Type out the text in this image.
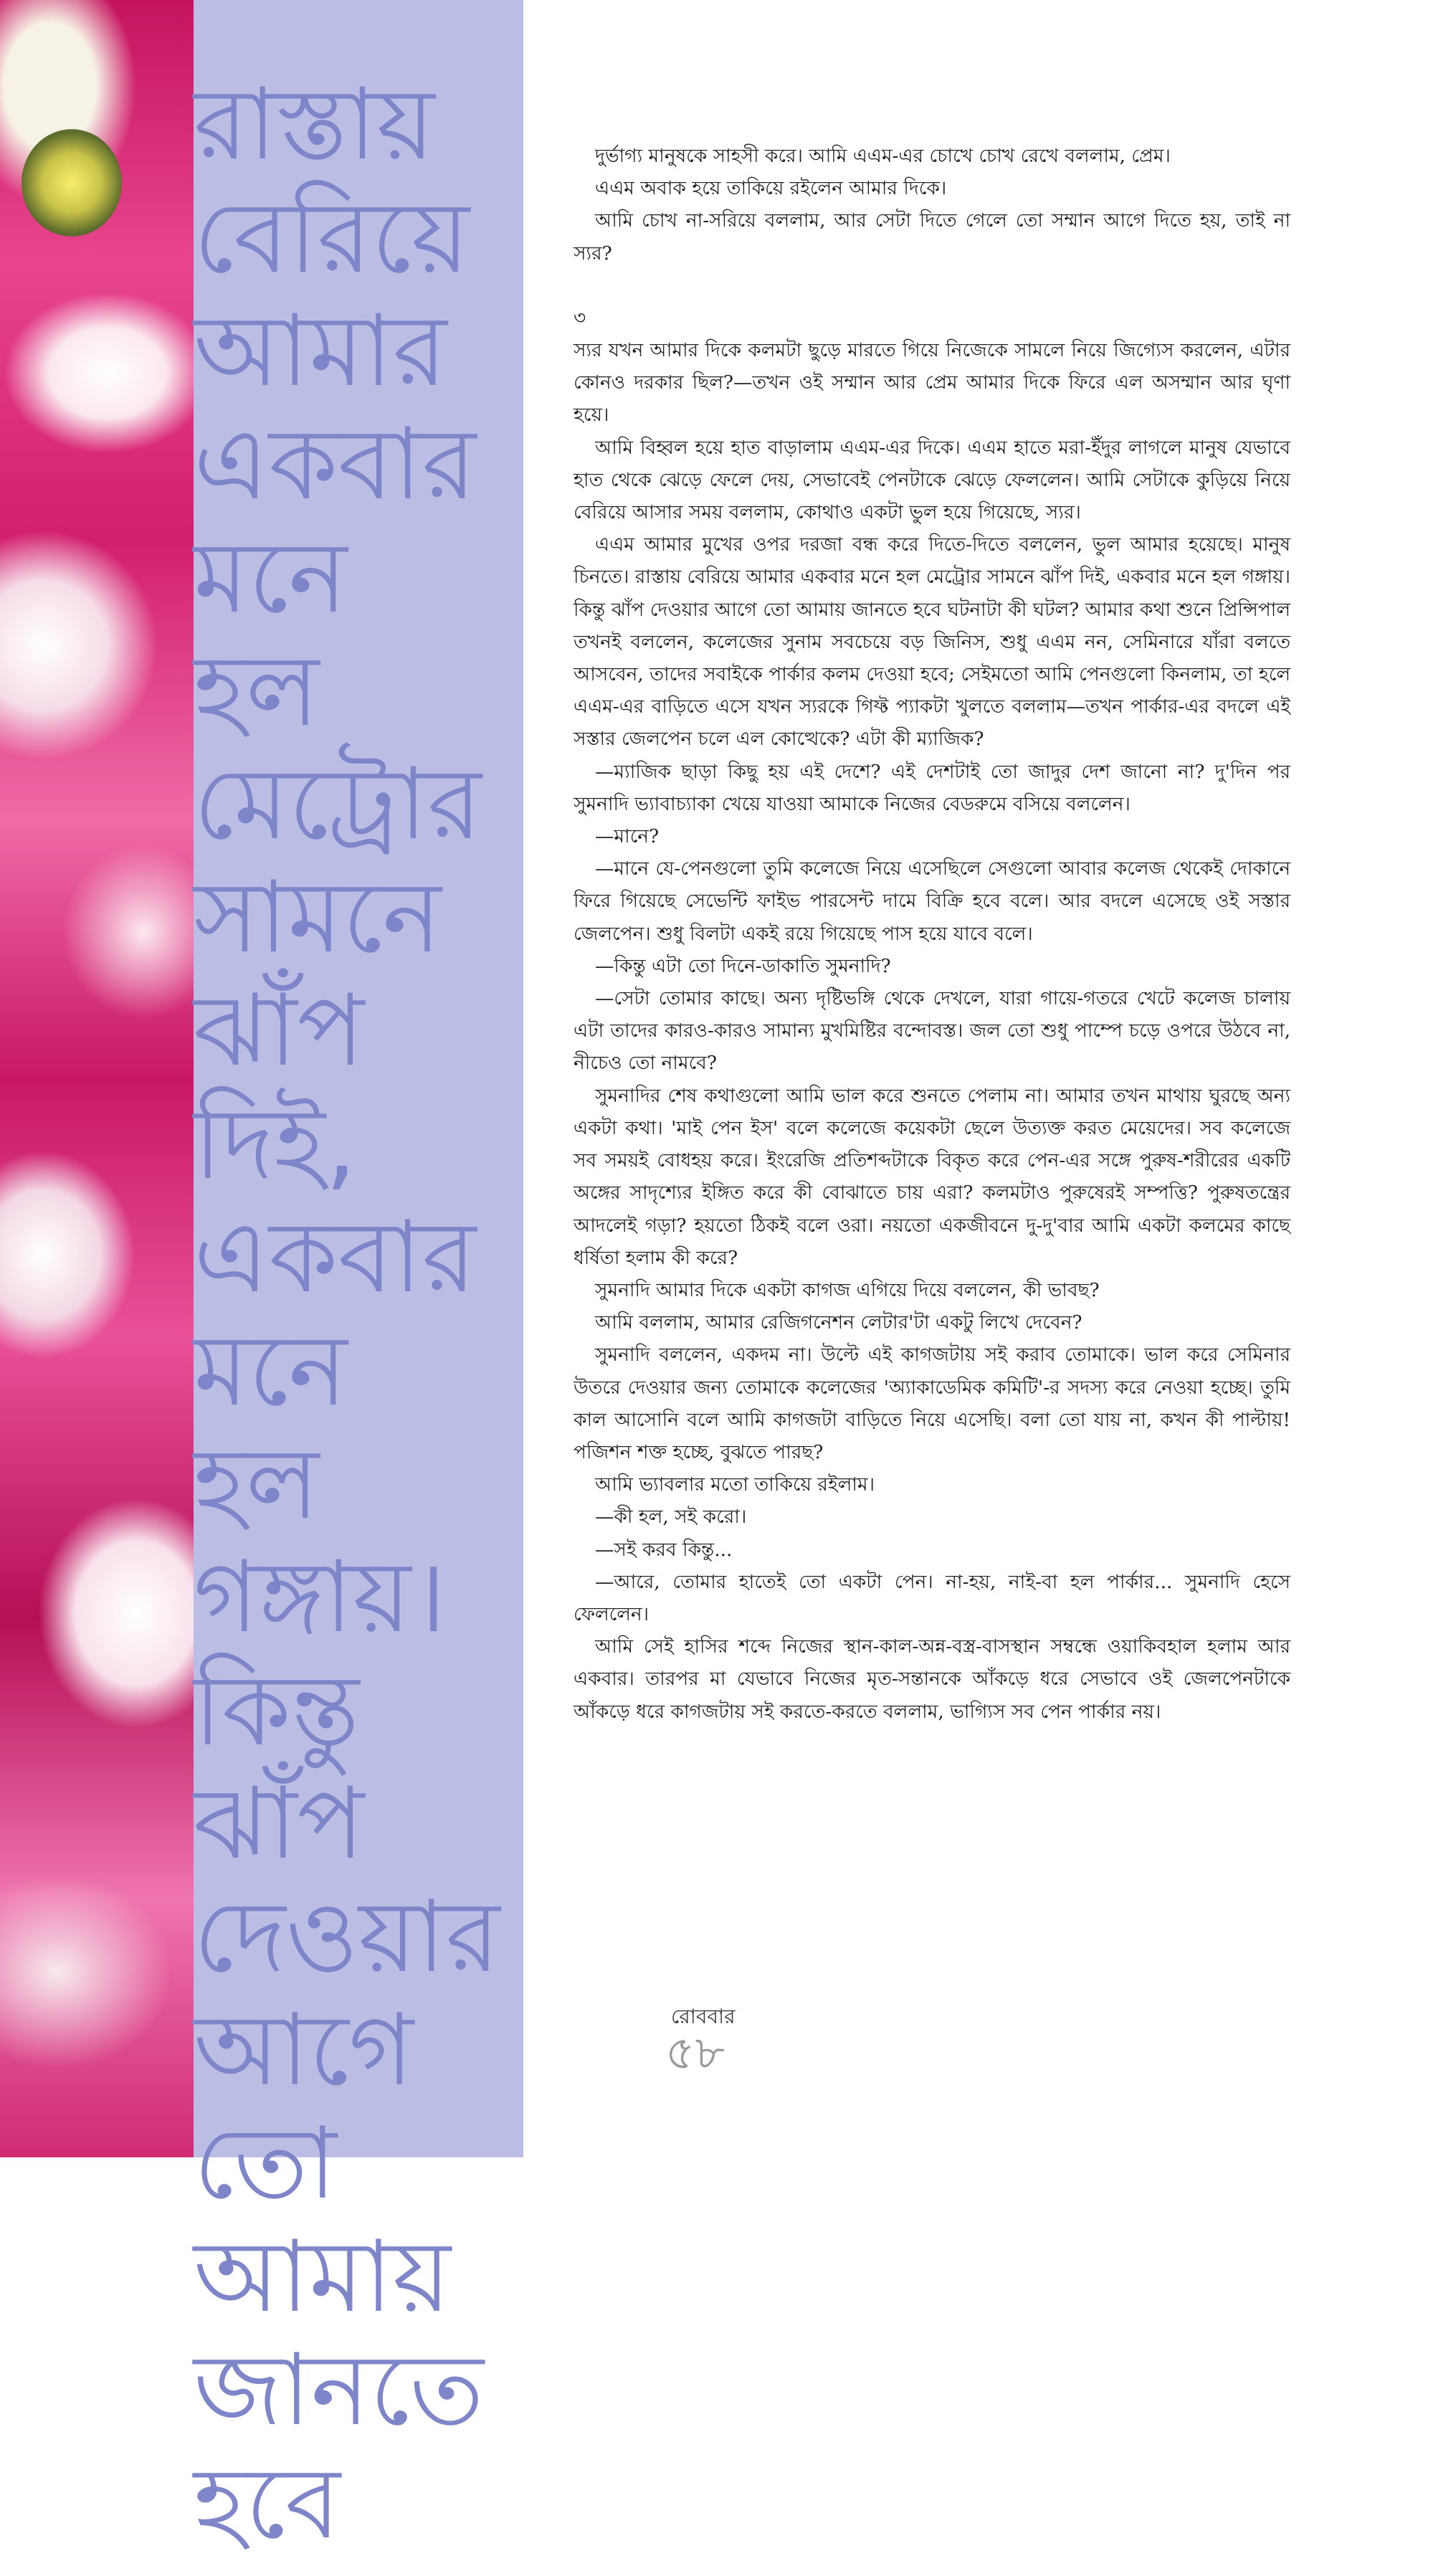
রাস্তায়
বেরিয়ে
আমার
একবার
মনে
হল
মেট্রোর
সামনে
ঝাঁপ
দিই,
একবার
মনে
হল
গঙ্গায়।
কিন্তু
ঝাঁপ
দেওয়ার
আগে
তো
আমায়
জানতে
হবে

দুর্ভাগ্য মানুষকে সাহসী করে। আমি এএম-এর চোখে চোখ রেখে বললাম, প্রেম।

এএম অবাক হয়ে তাকিয়ে রইলেন আমার দিকে।

আমি চোখ না-সরিয়ে বললাম, আর সেটা দিতে গেলে তো সম্মান আগে দিতে হয়, তাই না স্যর?

৩

স্যর যখন আমার দিকে কলমটা ছুড়ে মারতে গিয়ে নিজেকে সামলে নিয়ে জিগ্যেস করলেন, এটার কোনও দরকার ছিল?—তখন ওই সম্মান আর প্রেম আমার দিকে ফিরে এল অসম্মান আর ঘৃণা হয়ে।

আমি বিহ্বল হয়ে হাত বাড়ালাম এএম-এর দিকে। এএম হাতে মরা-ইঁদুর লাগলে মানুষ যেভাবে হাত থেকে ঝেড়ে ফেলে দেয়, সেভাবেই পেনটাকে ঝেড়ে ফেললেন। আমি সেটাকে কুড়িয়ে নিয়ে বেরিয়ে আসার সময় বললাম, কোথাও একটা ভুল হয়ে গিয়েছে, স্যর।

এএম আমার মুখের ওপর দরজা বন্ধ করে দিতে-দিতে বললেন, ভুল আমার হয়েছে। মানুষ চিনতে। রাস্তায় বেরিয়ে আমার একবার মনে হল মেট্রোর সামনে ঝাঁপ দিই, একবার মনে হল গঙ্গায়। কিন্তু ঝাঁপ দেওয়ার আগে তো আমায় জানতে হবে ঘটনাটা কী ঘটল? আমার কথা শুনে প্রিন্সিপাল তখনই বললেন, কলেজের সুনাম সবচেয়ে বড় জিনিস, শুধু এএম নন, সেমিনারে যাঁরা বলতে আসবেন, তাদের সবাইকে পার্কার কলম দেওয়া হবে; সেইমতো আমি পেনগুলো কিনলাম, তা হলে এএম-এর বাড়িতে এসে যখন স্যরকে গিফ্ট প্যাকটা খুলতে বললাম—তখন পার্কার-এর বদলে এই সস্তার জেলপেন চলে এল কোত্থেকে? এটা কী ম্যাজিক?

—ম্যাজিক ছাড়া কিছু হয় এই দেশে? এই দেশটাই তো জাদুর দেশ জানো না? দু'দিন পর সুমনাদি ভ্যাবাচ্যাকা খেয়ে যাওয়া আমাকে নিজের বেডরুমে বসিয়ে বললেন।

—মানে?

—মানে যে-পেনগুলো তুমি কলেজে নিয়ে এসেছিলে সেগুলো আবার কলেজ থেকেই দোকানে ফিরে গিয়েছে সেভেন্টি ফাইভ পারসেন্ট দামে বিক্রি হবে বলে। আর বদলে এসেছে ওই সস্তার জেলপেন। শুধু বিলটা একই রয়ে গিয়েছে পাস হয়ে যাবে বলে।

—কিন্তু এটা তো দিনে-ডাকাতি সুমনাদি?

—সেটা তোমার কাছে। অন্য দৃষ্টিভঙ্গি থেকে দেখলে, যারা গায়ে-গতরে খেটে কলেজ চালায় এটা তাদের কারও-কারও সামান্য মুখমিষ্টির বন্দোবস্ত। জল তো শুধু পাম্পে চড়ে ওপরে উঠবে না, নীচেও তো নামবে?

সুমনাদির শেষ কথাগুলো আমি ভাল করে শুনতে পেলাম না। আমার তখন মাথায় ঘুরছে অন্য একটা কথা। 'মাই পেন ইস' বলে কলেজে কয়েকটা ছেলে উত্যক্ত করত মেয়েদের। সব কলেজে সব সময়ই বোধহয় করে। ইংরেজি প্রতিশব্দটাকে বিকৃত করে পেন-এর সঙ্গে পুরুষ-শরীরের একটি অঙ্গের সাদৃশ্যের ইঙ্গিত করে কী বোঝাতে চায় এরা? কলমটাও পুরুষেরই সম্পত্তি? পুরুষতন্ত্রের আদলেই গড়া? হয়তো ঠিকই বলে ওরা। নয়তো একজীবনে দু-দু'বার আমি একটা কলমের কাছে ধর্ষিতা হলাম কী করে?

সুমনাদি আমার দিকে একটা কাগজ এগিয়ে দিয়ে বললেন, কী ভাবছ?

আমি বললাম, আমার রেজিগনেশন লেটার'টা একটু লিখে দেবেন?

সুমনাদি বললেন, একদম না। উল্টে এই কাগজটায় সই করাব তোমাকে। ভাল করে সেমিনার উতরে দেওয়ার জন্য তোমাকে কলেজের 'অ্যাকাডেমিক কমিটি'-র সদস্য করে নেওয়া হচ্ছে। তুমি কাল আসোনি বলে আমি কাগজটা বাড়িতে নিয়ে এসেছি। বলা তো যায় না, কখন কী পাল্টায়! পজিশন শক্ত হচ্ছে, বুঝতে পারছ?

আমি ভ্যাবলার মতো তাকিয়ে রইলাম।

—কী হল, সই করো।

—সই করব কিন্তু...

—আরে, তোমার হাতেই তো একটা পেন। না-হয়, নাই-বা হল পার্কার... সুমনাদি হেসে ফেললেন।

আমি সেই হাসির শব্দে নিজের স্থান-কাল-অন্ন-বস্ত্র-বাসস্থান সম্বন্ধে ওয়াকিবহাল হলাম আর একবার। তারপর মা যেভাবে নিজের মৃত-সন্তানকে আঁকড়ে ধরে সেভাবে ওই জেলপেনটাকে আঁকড়ে ধরে কাগজটায় সই করতে-করতে বললাম, ভাগ্যিস সব পেন পার্কার নয়।

রোববার
৫৮
